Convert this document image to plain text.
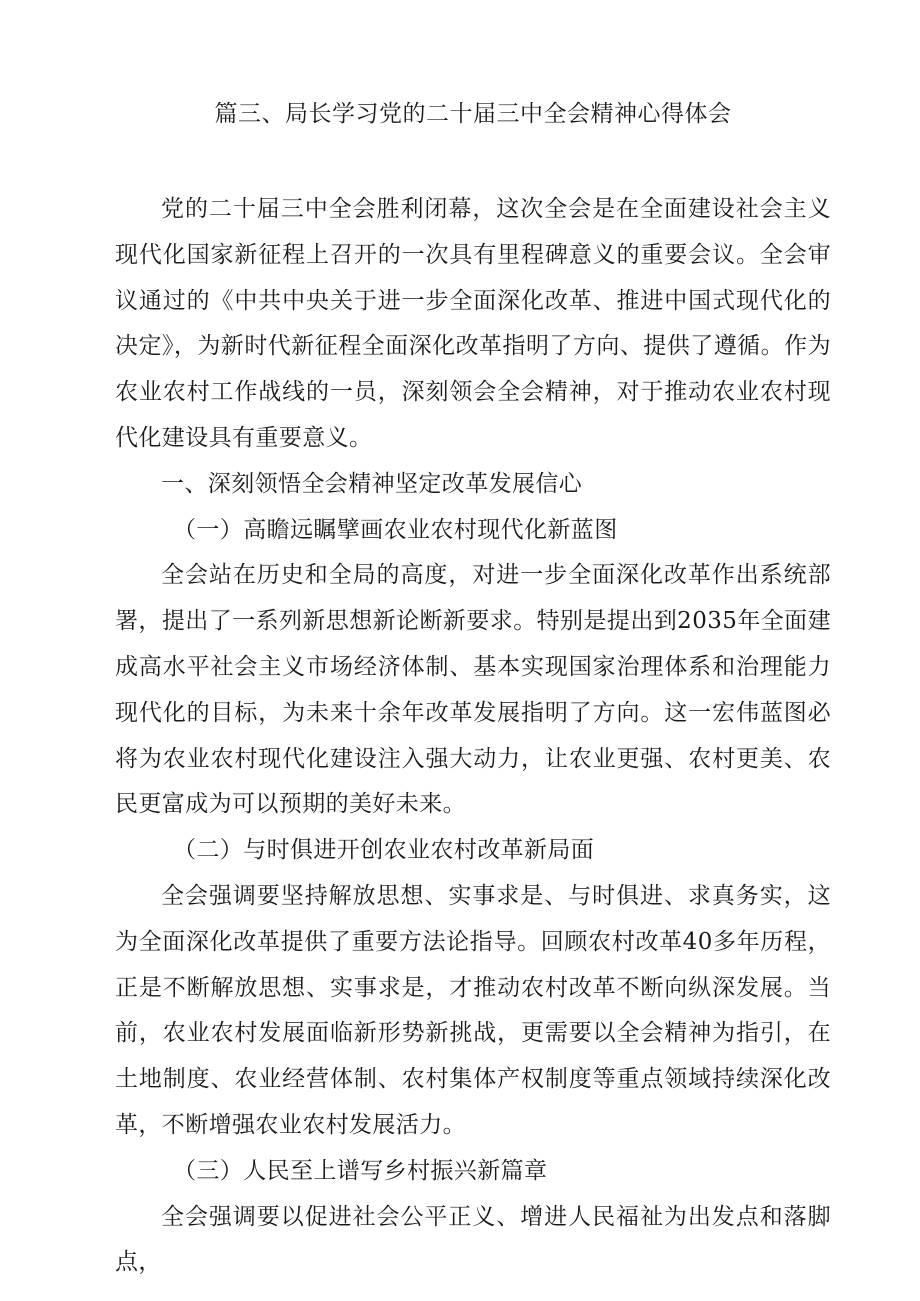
篇三、局长学习党的二十届三中全会精神心得体会

党的二十届三中全会胜利闭幕，这次全会是在全面建设社会主义现代化国家新征程上召开的一次具有里程碑意义的重要会议。全会审议通过的《中共中央关于进一步全面深化改革、推进中国式现代化的决定》，为新时代新征程全面深化改革指明了方向、提供了遵循。作为农业农村工作战线的一员，深刻领会全会精神，对于推动农业农村现代化建设具有重要意义。

一、深刻领悟全会精神坚定改革发展信心

（一）高瞻远瞩擘画农业农村现代化新蓝图

全会站在历史和全局的高度，对进一步全面深化改革作出系统部署，提出了一系列新思想新论断新要求。特别是提出到2035年全面建成高水平社会主义市场经济体制、基本实现国家治理体系和治理能力现代化的目标，为未来十余年改革发展指明了方向。这一宏伟蓝图必将为农业农村现代化建设注入强大动力，让农业更强、农村更美、农民更富成为可以预期的美好未来。

（二）与时俱进开创农业农村改革新局面

全会强调要坚持解放思想、实事求是、与时俱进、求真务实，这为全面深化改革提供了重要方法论指导。回顾农村改革40多年历程，正是不断解放思想、实事求是，才推动农村改革不断向纵深发展。当前，农业农村发展面临新形势新挑战，更需要以全会精神为指引，在土地制度、农业经营体制、农村集体产权制度等重点领域持续深化改革，不断增强农业农村发展活力。

（三）人民至上谱写乡村振兴新篇章

全会强调要以促进社会公平正义、增进人民福祉为出发点和落脚点，
